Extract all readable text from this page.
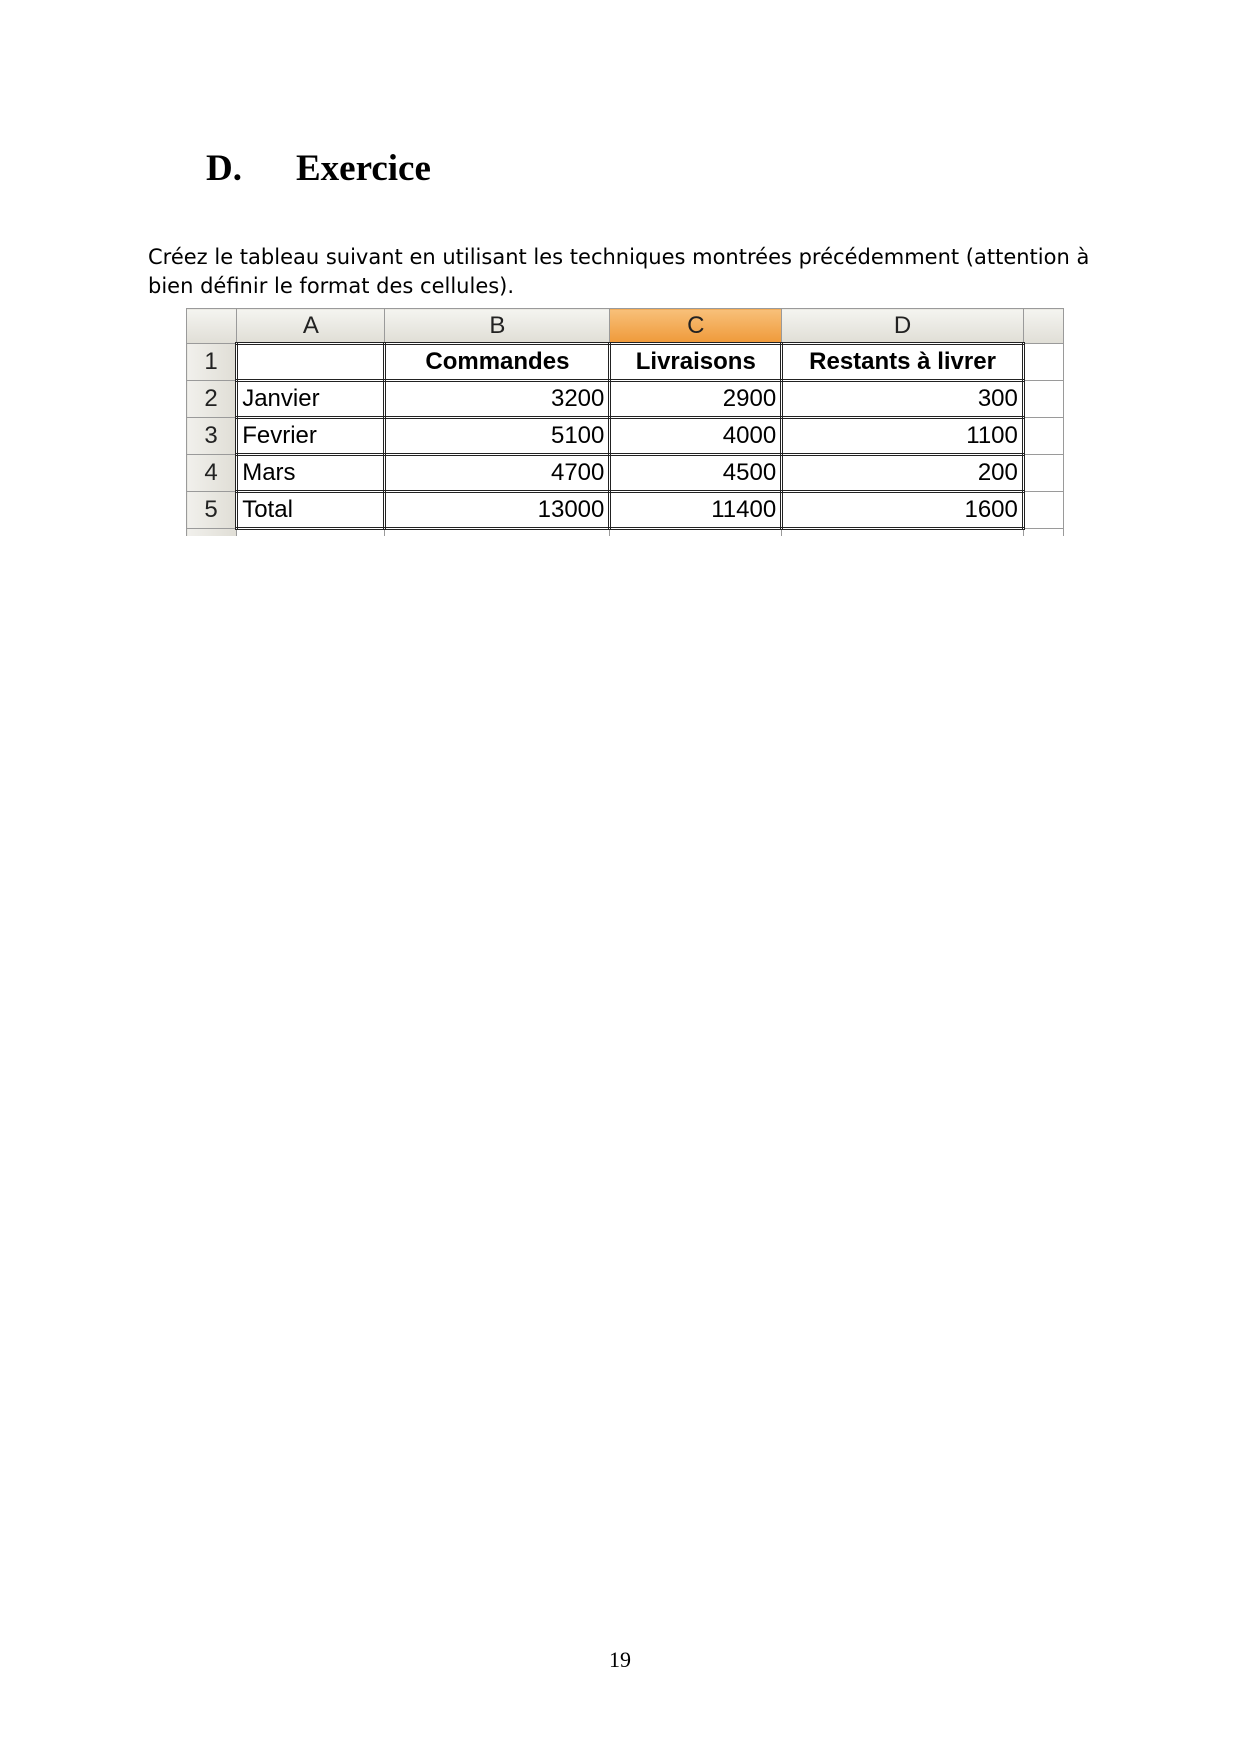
D. Exercice

Créez le tableau suivant en utilisant les techniques montrées précédemment (attention à bien définir le format des cellules).

	A	B	C	D	
1		Commandes	Livraisons	Restants à livrer	
2	Janvier	3200	2900	300	
3	Fevrier	5100	4000	1100	
4	Mars	4700	4500	200	
5	Total	13000	11400	1600	

19
